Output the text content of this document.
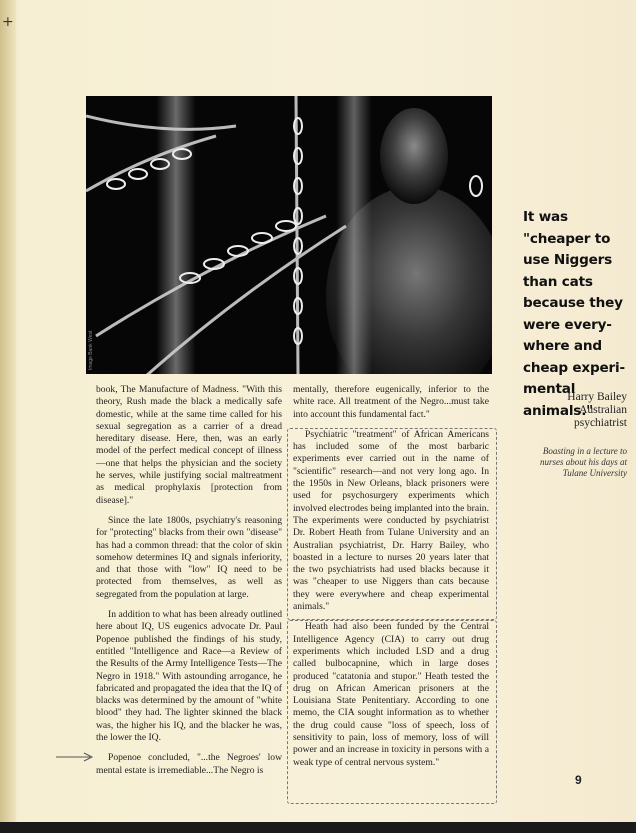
+
Image Bank West

book, The Manufacture of Madness. "With this theory, Rush made the black a medically safe domestic, while at the same time called for his sexual segregation as a carrier of a dread hereditary disease. Here, then, was an early model of the perfect medical concept of illness—one that helps the physician and the society he serves, while justifying social maltreatment as medical prophylaxis [protection from disease]."

Since the late 1800s, psychiatry's reasoning for "protecting" blacks from their own "disease" has had a common thread: that the color of skin somehow determines IQ and signals inferiority, and that those with "low" IQ need to be protected from themselves, as well as segregated from the population at large.

In addition to what has been already outlined here about IQ, US eugenics advocate Dr. Paul Popenoe published the findings of his study, entitled "Intelligence and Race—a Review of the Results of the Army Intelligence Tests—The Negro in 1918." With astounding arrogance, he fabricated and propagated the idea that the IQ of blacks was determined by the amount of "white blood" they had. The lighter skinned the black was, the higher his IQ, and the blacker he was, the lower the IQ.

Popenoe concluded, "...the Negroes' low mental estate is irremediable...The Negro is

mentally, therefore eugenically, inferior to the white race. All treatment of the Negro...must take into account this fundamental fact."

Psychiatric "treatment" of African Americans has included some of the most barbaric experiments ever carried out in the name of "scientific" research—and not very long ago. In the 1950s in New Orleans, black prisoners were used for psychosurgery experiments which involved electrodes being implanted into the brain. The experiments were conducted by psychiatrist Dr. Robert Heath from Tulane University and an Australian psychiatrist, Dr. Harry Bailey, who boasted in a lecture to nurses 20 years later that the two psychiatrists had used blacks because it was "cheaper to use Niggers than cats because they were everywhere and cheap experimental animals."

Heath had also been funded by the Central Intelligence Agency (CIA) to carry out drug experiments which included LSD and a drug called bulbocapnine, which in large doses produced "catatonia and stupor." Heath tested the drug on African American prisoners at the Louisiana State Penitentiary. According to one memo, the CIA sought information as to whether the drug could cause "loss of speech, loss of sensitivity to pain, loss of memory, loss of will power and an increase in toxicity in persons with a weak type of central nervous system."

It was "cheaper to use Niggers than cats because they were every-where and cheap experi-mental animals."
Harry Bailey
Australian
psychiatrist
Boasting in a lecture to nurses about his days at Tulane University
9
